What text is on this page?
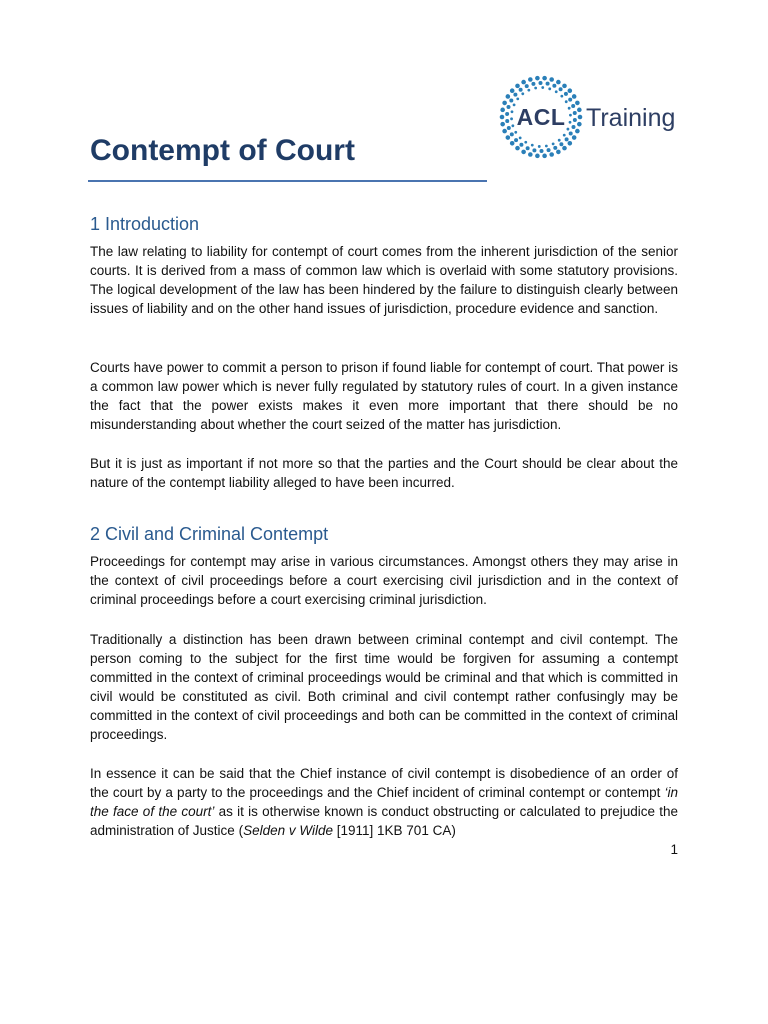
ACL Training
Contempt of Court
1 Introduction

The law relating to liability for contempt of court comes from the inherent jurisdiction of the senior courts. It is derived from a mass of common law which is overlaid with some statutory provisions. The logical development of the law has been hindered by the failure to distinguish clearly between issues of liability and on the other hand issues of jurisdiction, procedure evidence and sanction.

Courts have power to commit a person to prison if found liable for contempt of court. That power is a common law power which is never fully regulated by statutory rules of court. In a given instance the fact that the power exists makes it even more important that there should be no misunderstanding about whether the court seized of the matter has jurisdiction.

But it is just as important if not more so that the parties and the Court should be clear about the nature of the contempt liability alleged to have been incurred.

2 Civil and Criminal Contempt

Proceedings for contempt may arise in various circumstances. Amongst others they may arise in the context of civil proceedings before a court exercising civil jurisdiction and in the context of criminal proceedings before a court exercising criminal jurisdiction.

Traditionally a distinction has been drawn between criminal contempt and civil contempt. The person coming to the subject for the first time would be forgiven for assuming a contempt committed in the context of criminal proceedings would be criminal and that which is committed in civil would be constituted as civil. Both criminal and civil contempt rather confusingly may be committed in the context of civil proceedings and both can be committed in the context of criminal proceedings.

In essence it can be said that the Chief instance of civil contempt is disobedience of an order of the court by a party to the proceedings and the Chief incident of criminal contempt or contempt ‘in the face of the court’ as it is otherwise known is conduct obstructing or calculated to prejudice the administration of Justice (Selden v Wilde [1911] 1KB 701 CA)

1
